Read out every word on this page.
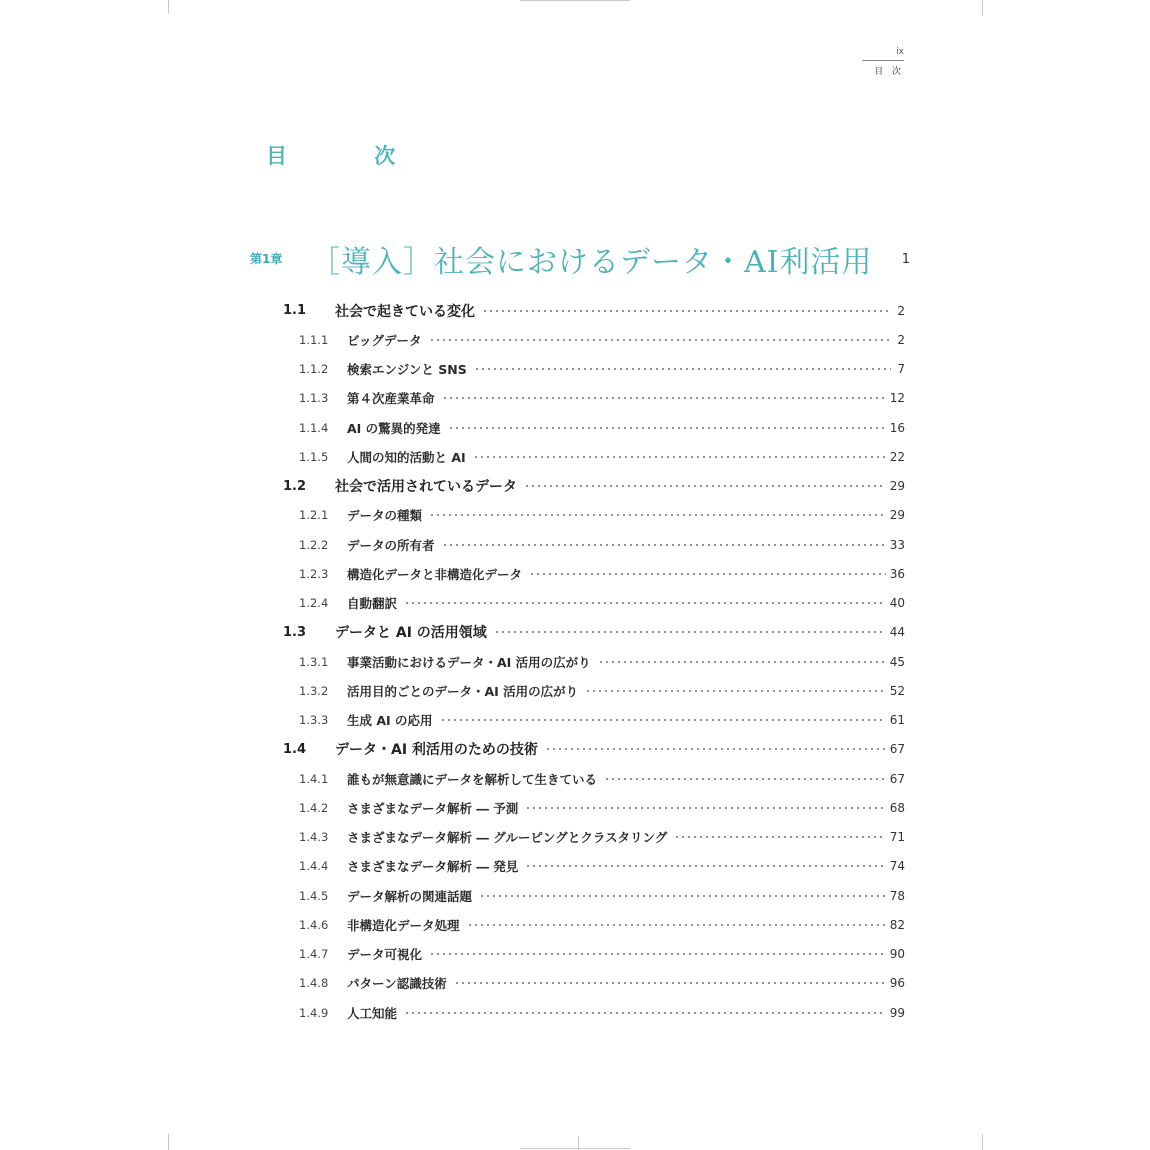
ix
目 次
目 次
第1章 ［導入］社会におけるデータ・AI利活用 1
1.1	社会で起きている変化	2
1.1.1	ビッグデータ	2
1.1.2	検索エンジンと SNS	7
1.1.3	第４次産業革命	12
1.1.4	AI の驚異的発達	16
1.1.5	人間の知的活動と AI	22
1.2	社会で活用されているデータ	29
1.2.1	データの種類	29
1.2.2	データの所有者	33
1.2.3	構造化データと非構造化データ	36
1.2.4	自動翻訳	40
1.3	データと AI の活用領域	44
1.3.1	事業活動におけるデータ・AI 活用の広がり	45
1.3.2	活用目的ごとのデータ・AI 活用の広がり	52
1.3.3	生成 AI の応用	61
1.4	データ・AI 利活用のための技術	67
1.4.1	誰もが無意識にデータを解析して生きている	67
1.4.2	さまざまなデータ解析 ― 予測	68
1.4.3	さまざまなデータ解析 ― グルーピングとクラスタリング	71
1.4.4	さまざまなデータ解析 ― 発見	74
1.4.5	データ解析の関連話題	78
1.4.6	非構造化データ処理	82
1.4.7	データ可視化	90
1.4.8	パターン認識技術	96
1.4.9	人工知能	99
